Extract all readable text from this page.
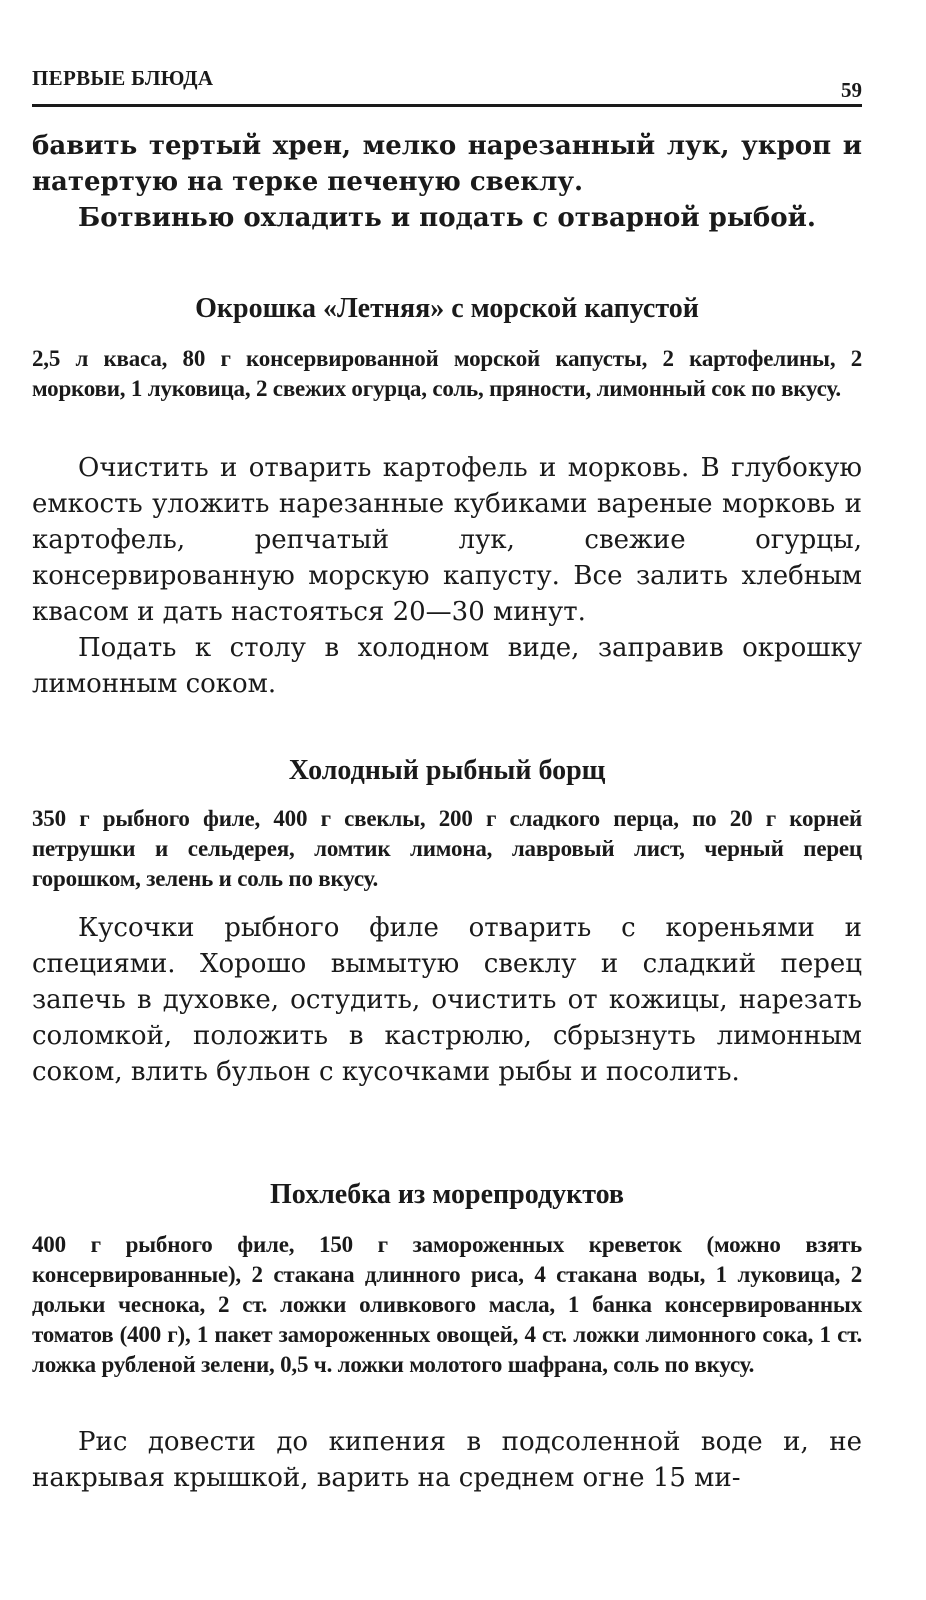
ПЕРВЫЕ БЛЮДА	59

бавить тертый хрен, мелко нарезанный лук, укроп и натертую на терке печеную свеклу.

Ботвинью охладить и подать с отварной рыбой.

Окрошка «Летняя» с морской капустой

2,5 л кваса, 80 г консервированной морской капусты, 2 картофелины, 2 моркови, 1 луковица, 2 свежих огурца, соль, пряности, лимонный сок по вкусу.

Очистить и отварить картофель и морковь. В глубокую емкость уложить нарезанные кубиками вареные морковь и картофель, репчатый лук, свежие огурцы, консервированную морскую капусту. Все залить хлебным квасом и дать настояться 20—30 минут.

Подать к столу в холодном виде, заправив окрошку лимонным соком.

Холодный рыбный борщ

350 г рыбного филе, 400 г свеклы, 200 г сладкого перца, по 20 г корней петрушки и сельдерея, ломтик лимона, лавровый лист, черный перец горошком, зелень и соль по вкусу.

Кусочки рыбного филе отварить с кореньями и специями. Хорошо вымытую свеклу и сладкий перец запечь в духовке, остудить, очистить от кожицы, нарезать соломкой, положить в кастрюлю, сбрызнуть лимонным соком, влить бульон с кусочками рыбы и посолить.

Похлебка из морепродуктов

400 г рыбного филе, 150 г замороженных креветок (можно взять консервированные), 2 стакана длинного риса, 4 стакана воды, 1 луковица, 2 дольки чеснока, 2 ст. ложки оливкового масла, 1 банка консервированных томатов (400 г), 1 пакет замороженных овощей, 4 ст. ложки лимонного сока, 1 ст. ложка рубленой зелени, 0,5 ч. ложки молотого шафрана, соль по вкусу.

Рис довести до кипения в подсоленной воде и, не накрывая крышкой, варить на среднем огне 15 ми-
